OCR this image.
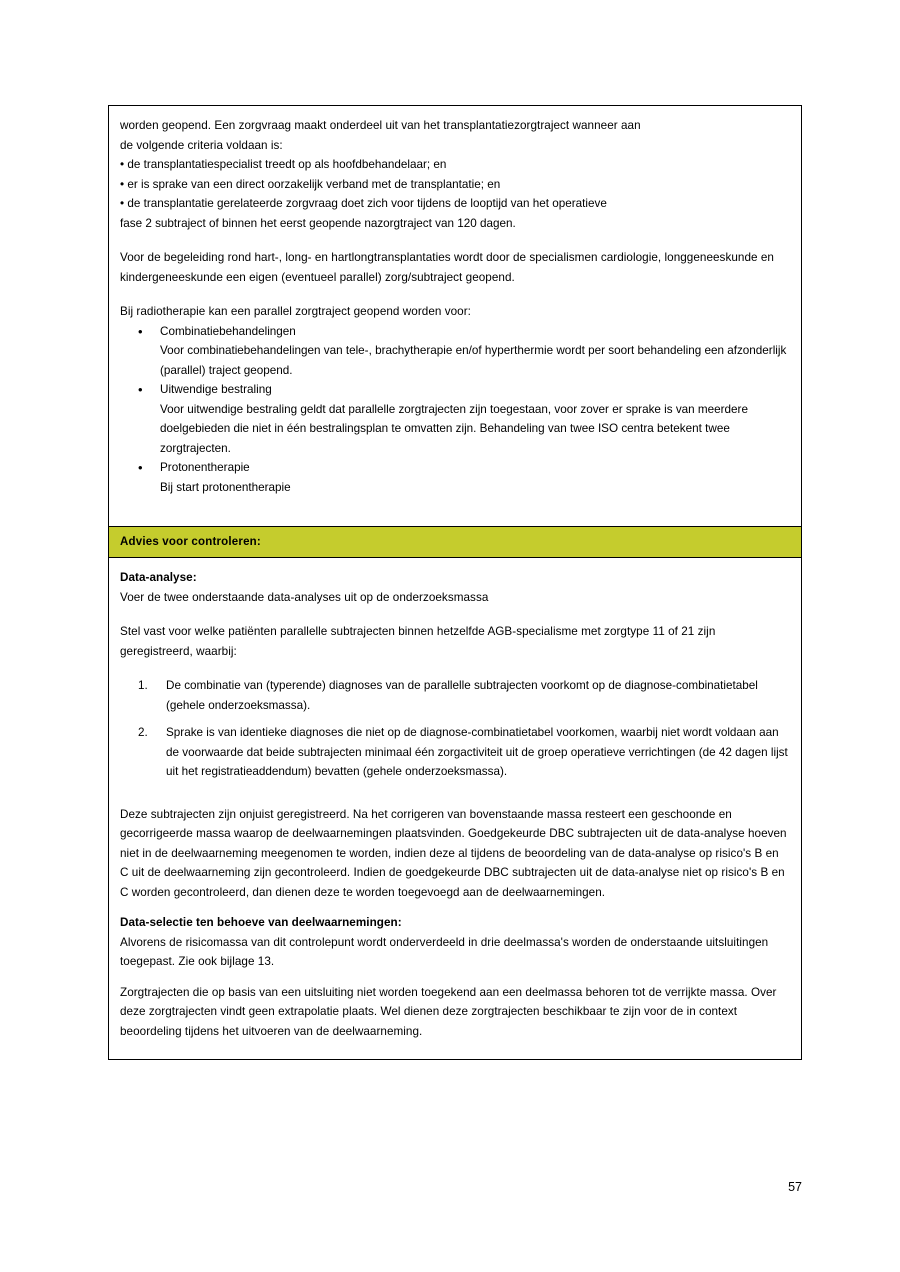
worden geopend. Een zorgvraag maakt onderdeel uit van het transplantatiezorgtraject wanneer aan

de volgende criteria voldaan is:

• de transplantatiespecialist treedt op als hoofdbehandelaar; en
• er is sprake van een direct oorzakelijk verband met de transplantatie; en
• de transplantatie gerelateerde zorgvraag doet zich voor tijdens de looptijd van het operatieve
fase 2 subtraject of binnen het eerst geopende nazorgtraject van 120 dagen.

Voor de begeleiding rond hart-, long- en hartlongtransplantaties wordt door de specialismen cardiologie, longgeneeskunde en kindergeneeskunde een eigen (eventueel parallel) zorg/subtraject geopend.

Bij radiotherapie kan een parallel zorgtraject geopend worden voor:

• Combinatiebehandelingen
Voor combinatiebehandelingen van tele-, brachytherapie en/of hyperthermie wordt per soort behandeling een afzonderlijk (parallel) traject geopend.
• Uitwendige bestraling
Voor uitwendige bestraling geldt dat parallelle zorgtrajecten zijn toegestaan, voor zover er sprake is van meerdere doelgebieden die niet in één bestralingsplan te omvatten zijn. Behandeling van twee ISO centra betekent twee zorgtrajecten.
• Protonentherapie
Bij start protonentherapie
Advies voor controleren:

Data-analyse:

Voer de twee onderstaande data-analyses uit op de onderzoeksmassa

Stel vast voor welke patiënten parallelle subtrajecten binnen hetzelfde AGB-specialisme met zorgtype 11 of 21 zijn geregistreerd, waarbij:

1.	De combinatie van (typerende) diagnoses van de parallelle subtrajecten voorkomt op de diagnose-combinatietabel (gehele onderzoeksmassa).
2.	Sprake is van identieke diagnoses die niet op de diagnose-combinatietabel voorkomen, waarbij niet wordt voldaan aan de voorwaarde dat beide subtrajecten minimaal één zorgactiviteit uit de groep operatieve verrichtingen (de 42 dagen lijst uit het registratieaddendum) bevatten (gehele onderzoeksmassa).

Deze subtrajecten zijn onjuist geregistreerd. Na het corrigeren van bovenstaande massa resteert een geschoonde en gecorrigeerde massa waarop de deelwaarnemingen plaatsvinden. Goedgekeurde DBC subtrajecten uit de data-analyse hoeven niet in de deelwaarneming meegenomen te worden, indien deze al tijdens de beoordeling van de data-analyse op risico's B en C uit de deelwaarneming zijn gecontroleerd. Indien de goedgekeurde DBC subtrajecten uit de data-analyse niet op risico's B en C worden gecontroleerd, dan dienen deze te worden toegevoegd aan de deelwaarnemingen.

Data-selectie ten behoeve van deelwaarnemingen:

Alvorens de risicomassa van dit controlepunt wordt onderverdeeld in drie deelmassa's worden de onderstaande uitsluitingen toegepast. Zie ook bijlage 13.

Zorgtrajecten die op basis van een uitsluiting niet worden toegekend aan een deelmassa behoren tot de verrijkte massa. Over deze zorgtrajecten vindt geen extrapolatie plaats. Wel dienen deze zorgtrajecten beschikbaar te zijn voor de in context beoordeling tijdens het uitvoeren van de deelwaarneming.

57
